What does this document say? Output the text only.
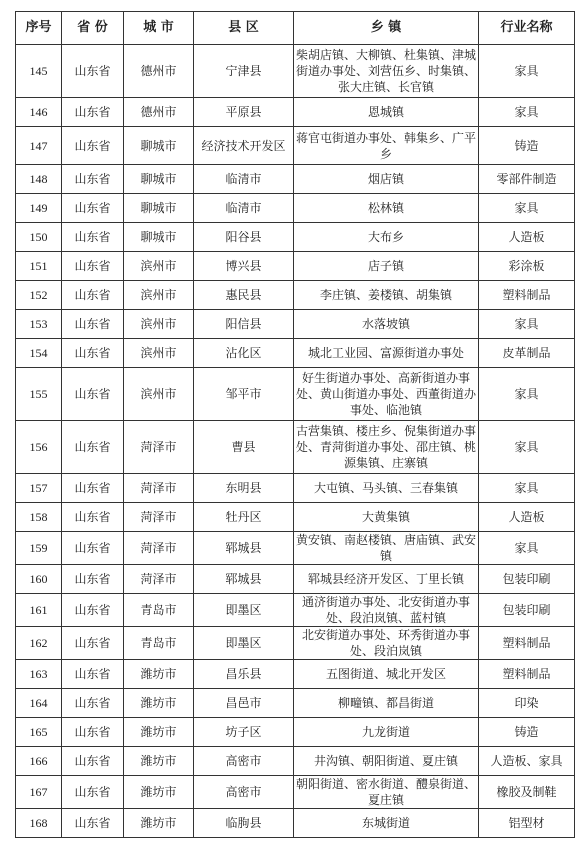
序号	省 份	城 市	县 区	乡 镇	行业名称
145	山东省	德州市	宁津县	柴胡店镇、大柳镇、杜集镇、津城街道办事处、刘营伍乡、时集镇、张大庄镇、长官镇	家具
146	山东省	德州市	平原县	恩城镇	家具
147	山东省	聊城市	经济技术开发区	蒋官屯街道办事处、韩集乡、广平乡	铸造
148	山东省	聊城市	临清市	烟店镇	零部件制造
149	山东省	聊城市	临清市	松林镇	家具
150	山东省	聊城市	阳谷县	大布乡	人造板
151	山东省	滨州市	博兴县	店子镇	彩涂板
152	山东省	滨州市	惠民县	李庄镇、姜楼镇、胡集镇	塑料制品
153	山东省	滨州市	阳信县	水落坡镇	家具
154	山东省	滨州市	沾化区	城北工业园、富源街道办事处	皮革制品
155	山东省	滨州市	邹平市	好生街道办事处、高新街道办事处、黄山街道办事处、西董街道办事处、临池镇	家具
156	山东省	菏泽市	曹县	古营集镇、楼庄乡、倪集街道办事处、青菏街道办事处、邵庄镇、桃源集镇、庄寨镇	家具
157	山东省	菏泽市	东明县	大屯镇、马头镇、三春集镇	家具
158	山东省	菏泽市	牡丹区	大黄集镇	人造板
159	山东省	菏泽市	郓城县	黄安镇、南赵楼镇、唐庙镇、武安镇	家具
160	山东省	菏泽市	郓城县	郓城县经济开发区、丁里长镇	包装印刷
161	山东省	青岛市	即墨区	通济街道办事处、北安街道办事处、段泊岚镇、蓝村镇	包装印刷
162	山东省	青岛市	即墨区	北安街道办事处、环秀街道办事处、段泊岚镇	塑料制品
163	山东省	潍坊市	昌乐县	五图街道、城北开发区	塑料制品
164	山东省	潍坊市	昌邑市	柳疃镇、都昌街道	印染
165	山东省	潍坊市	坊子区	九龙街道	铸造
166	山东省	潍坊市	高密市	井沟镇、朝阳街道、夏庄镇	人造板、家具
167	山东省	潍坊市	高密市	朝阳街道、密水街道、醴泉街道、夏庄镇	橡胶及制鞋
168	山东省	潍坊市	临朐县	东城街道	铝型材
